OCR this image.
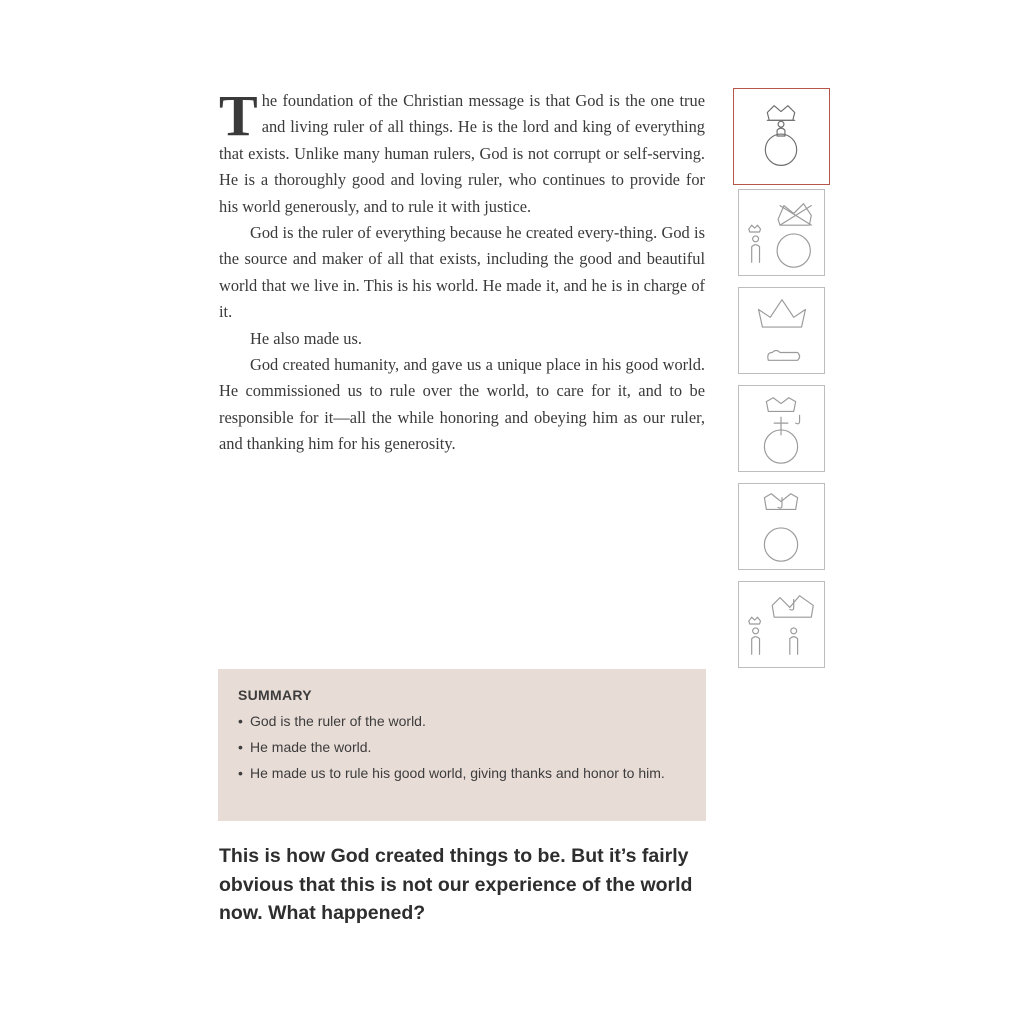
The foundation of the Christian message is that God is the one true and living ruler of all things. He is the lord and king of everything that exists. Unlike many human rulers, God is not corrupt or self-serving. He is a thoroughly good and loving ruler, who continues to provide for his world generously, and to rule it with justice.

God is the ruler of everything because he created every-thing. God is the source and maker of all that exists, including the good and beautiful world that we live in. This is his world. He made it, and he is in charge of it.

He also made us.

God created humanity, and gave us a unique place in his good world. He commissioned us to rule over the world, to care for it, and to be responsible for it—all the while honoring and obeying him as our ruler, and thanking him for his generosity.

SUMMARY
• God is the ruler of the world.
• He made the world.
• He made us to rule his good world, giving thanks and honor to him.
This is how God created things to be. But it’s fairly obvious that this is not our experience of the world now. What happened?
